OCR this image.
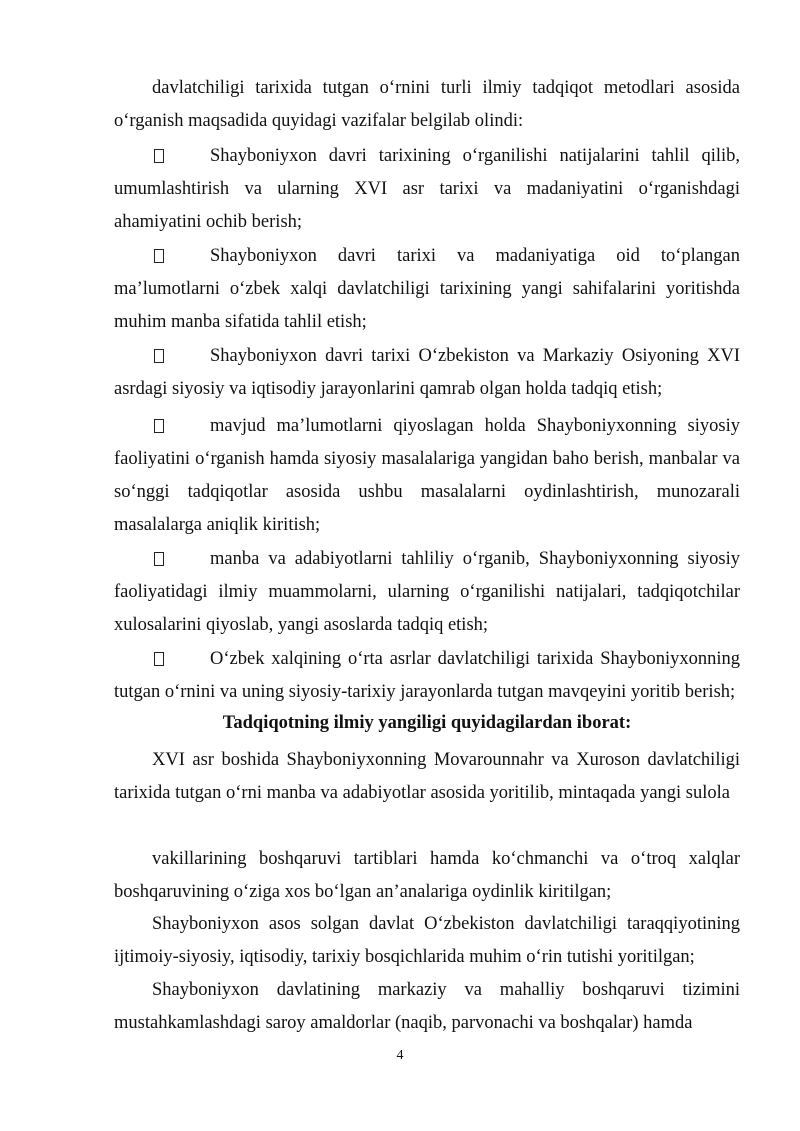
davlatchiligi tarixida tutgan o‘rnini turli ilmiy tadqiqot metodlari asosida o‘rganish maqsadida quyidagi vazifalar belgilab olindi:
Shayboniyxon davri tarixining o‘rganilishi natijalarini tahlil qilib, umumlashtirish va ularning XVI asr tarixi va madaniyatini o‘rganishdagi ahamiyatini ochib berish;
Shayboniyxon davri tarixi va madaniyatiga oid to‘plangan ma’lumotlarni o‘zbek xalqi davlatchiligi tarixining yangi sahifalarini yoritishda muhim manba sifatida tahlil etish;
Shayboniyxon davri tarixi O‘zbekiston va Markaziy Osiyoning XVI asrdagi siyosiy va iqtisodiy jarayonlarini qamrab olgan holda tadqiq etish;
mavjud ma’lumotlarni qiyoslagan holda Shayboniyxonning siyosiy faoliyatini o‘rganish hamda siyosiy masalalariga yangidan baho berish, manbalar va so‘nggi tadqiqotlar asosida ushbu masalalarni oydinlashtirish, munozarali masalalarga aniqlik kiritish;
manba va adabiyotlarni tahliliy o‘rganib, Shayboniyxonning siyosiy faoliyatidagi ilmiy muammolarni, ularning o‘rganilishi natijalari, tadqiqotchilar xulosalarini qiyoslab, yangi asoslarda tadqiq etish;
O‘zbek xalqining o‘rta asrlar davlatchiligi tarixida Shayboniyxonning tutgan o‘rnini va uning siyosiy-tarixiy jarayonlarda tutgan mavqeyini yoritib berish;
Tadqiqotning ilmiy yangiligi quyidagilardan iborat:
XVI asr boshida Shayboniyxonning Movarounnahr va Xuroson davlatchiligi tarixida tutgan o‘rni manba va adabiyotlar asosida yoritilib, mintaqada yangi sulola
vakillarining boshqaruvi tartiblari hamda ko‘chmanchi va o‘troq xalqlar boshqaruvining o‘ziga xos bo‘lgan an’analariga oydinlik kiritilgan;
Shayboniyxon asos solgan davlat O‘zbekiston davlatchiligi taraqqiyotining ijtimoiy-siyosiy, iqtisodiy, tarixiy bosqichlarida muhim o‘rin tutishi yoritilgan;
Shayboniyxon davlatining markaziy va mahalliy boshqaruvi tizimini mustahkamlashdagi saroy amaldorlar (naqib, parvonachi va boshqalar) hamda
4
